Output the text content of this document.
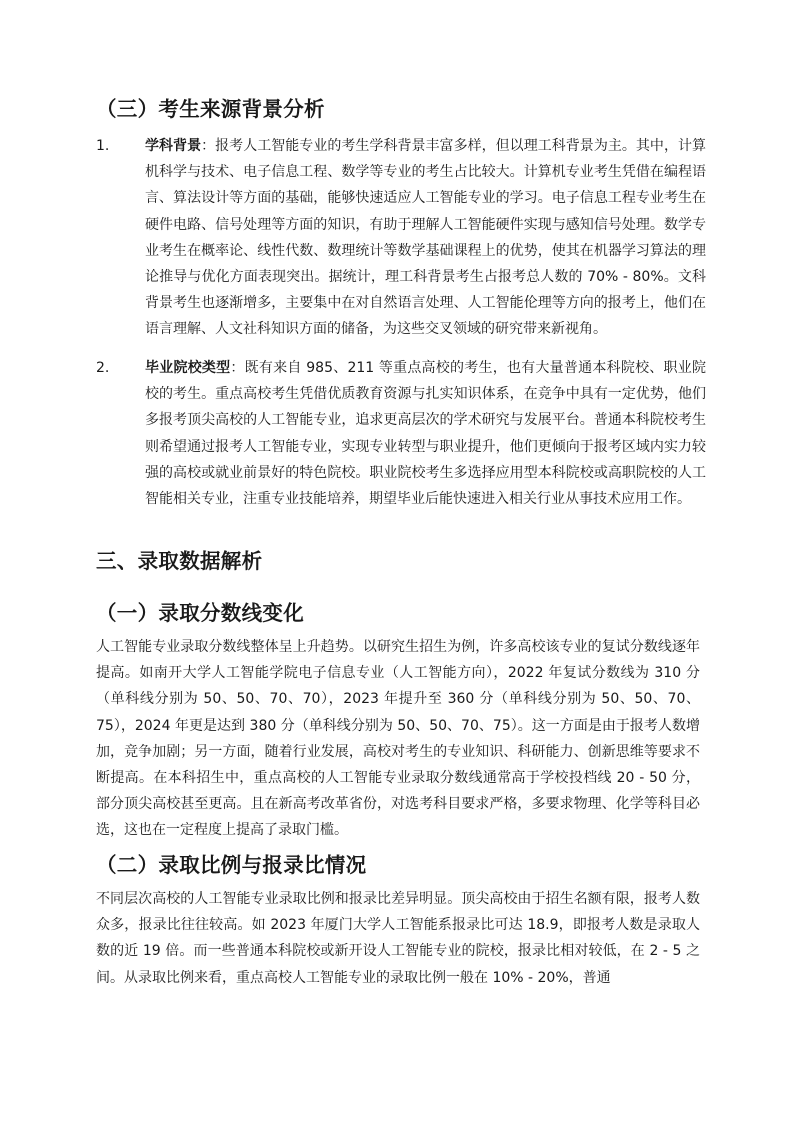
（三）考生来源背景分析
1.	学科背景：报考人工智能专业的考生学科背景丰富多样，但以理工科背景为主。其中，计算机科学与技术、电子信息工程、数学等专业的考生占比较大。计算机专业考生凭借在编程语言、算法设计等方面的基础，能够快速适应人工智能专业的学习。电子信息工程专业考生在硬件电路、信号处理等方面的知识，有助于理解人工智能硬件实现与感知信号处理。数学专业考生在概率论、线性代数、数理统计等数学基础课程上的优势，使其在机器学习算法的理论推导与优化方面表现突出。据统计，理工科背景考生占报考总人数的 70% - 80%。文科背景考生也逐渐增多，主要集中在对自然语言处理、人工智能伦理等方向的报考上，他们在语言理解、人文社科知识方面的储备，为这些交叉领域的研究带来新视角。

2.	毕业院校类型：既有来自 985、211 等重点高校的考生，也有大量普通本科院校、职业院校的考生。重点高校考生凭借优质教育资源与扎实知识体系，在竞争中具有一定优势，他们多报考顶尖高校的人工智能专业，追求更高层次的学术研究与发展平台。普通本科院校考生则希望通过报考人工智能专业，实现专业转型与职业提升，他们更倾向于报考区域内实力较强的高校或就业前景好的特色院校。职业院校考生多选择应用型本科院校或高职院校的人工智能相关专业，注重专业技能培养，期望毕业后能快速进入相关行业从事技术应用工作。

三、录取数据解析
（一）录取分数线变化

人工智能专业录取分数线整体呈上升趋势。以研究生招生为例，许多高校该专业的复试分数线逐年提高。如南开大学人工智能学院电子信息专业（人工智能方向），2022 年复试分数线为 310 分（单科线分别为 50、50、70、70），2023 年提升至 360 分（单科线分别为 50、50、70、75），2024 年更是达到 380 分（单科线分别为 50、50、70、75）。这一方面是由于报考人数增加，竞争加剧；另一方面，随着行业发展，高校对考生的专业知识、科研能力、创新思维等要求不断提高。在本科招生中，重点高校的人工智能专业录取分数线通常高于学校投档线 20 - 50 分，部分顶尖高校甚至更高。且在新高考改革省份，对选考科目要求严格，多要求物理、化学等科目必选，这也在一定程度上提高了录取门槛。

（二）录取比例与报录比情况

不同层次高校的人工智能专业录取比例和报录比差异明显。顶尖高校由于招生名额有限，报考人数众多，报录比往往较高。如 2023 年厦门大学人工智能系报录比可达 18.9，即报考人数是录取人数的近 19 倍。而一些普通本科院校或新开设人工智能专业的院校，报录比相对较低，在 2 - 5 之间。从录取比例来看，重点高校人工智能专业的录取比例一般在 10% - 20%，普通
